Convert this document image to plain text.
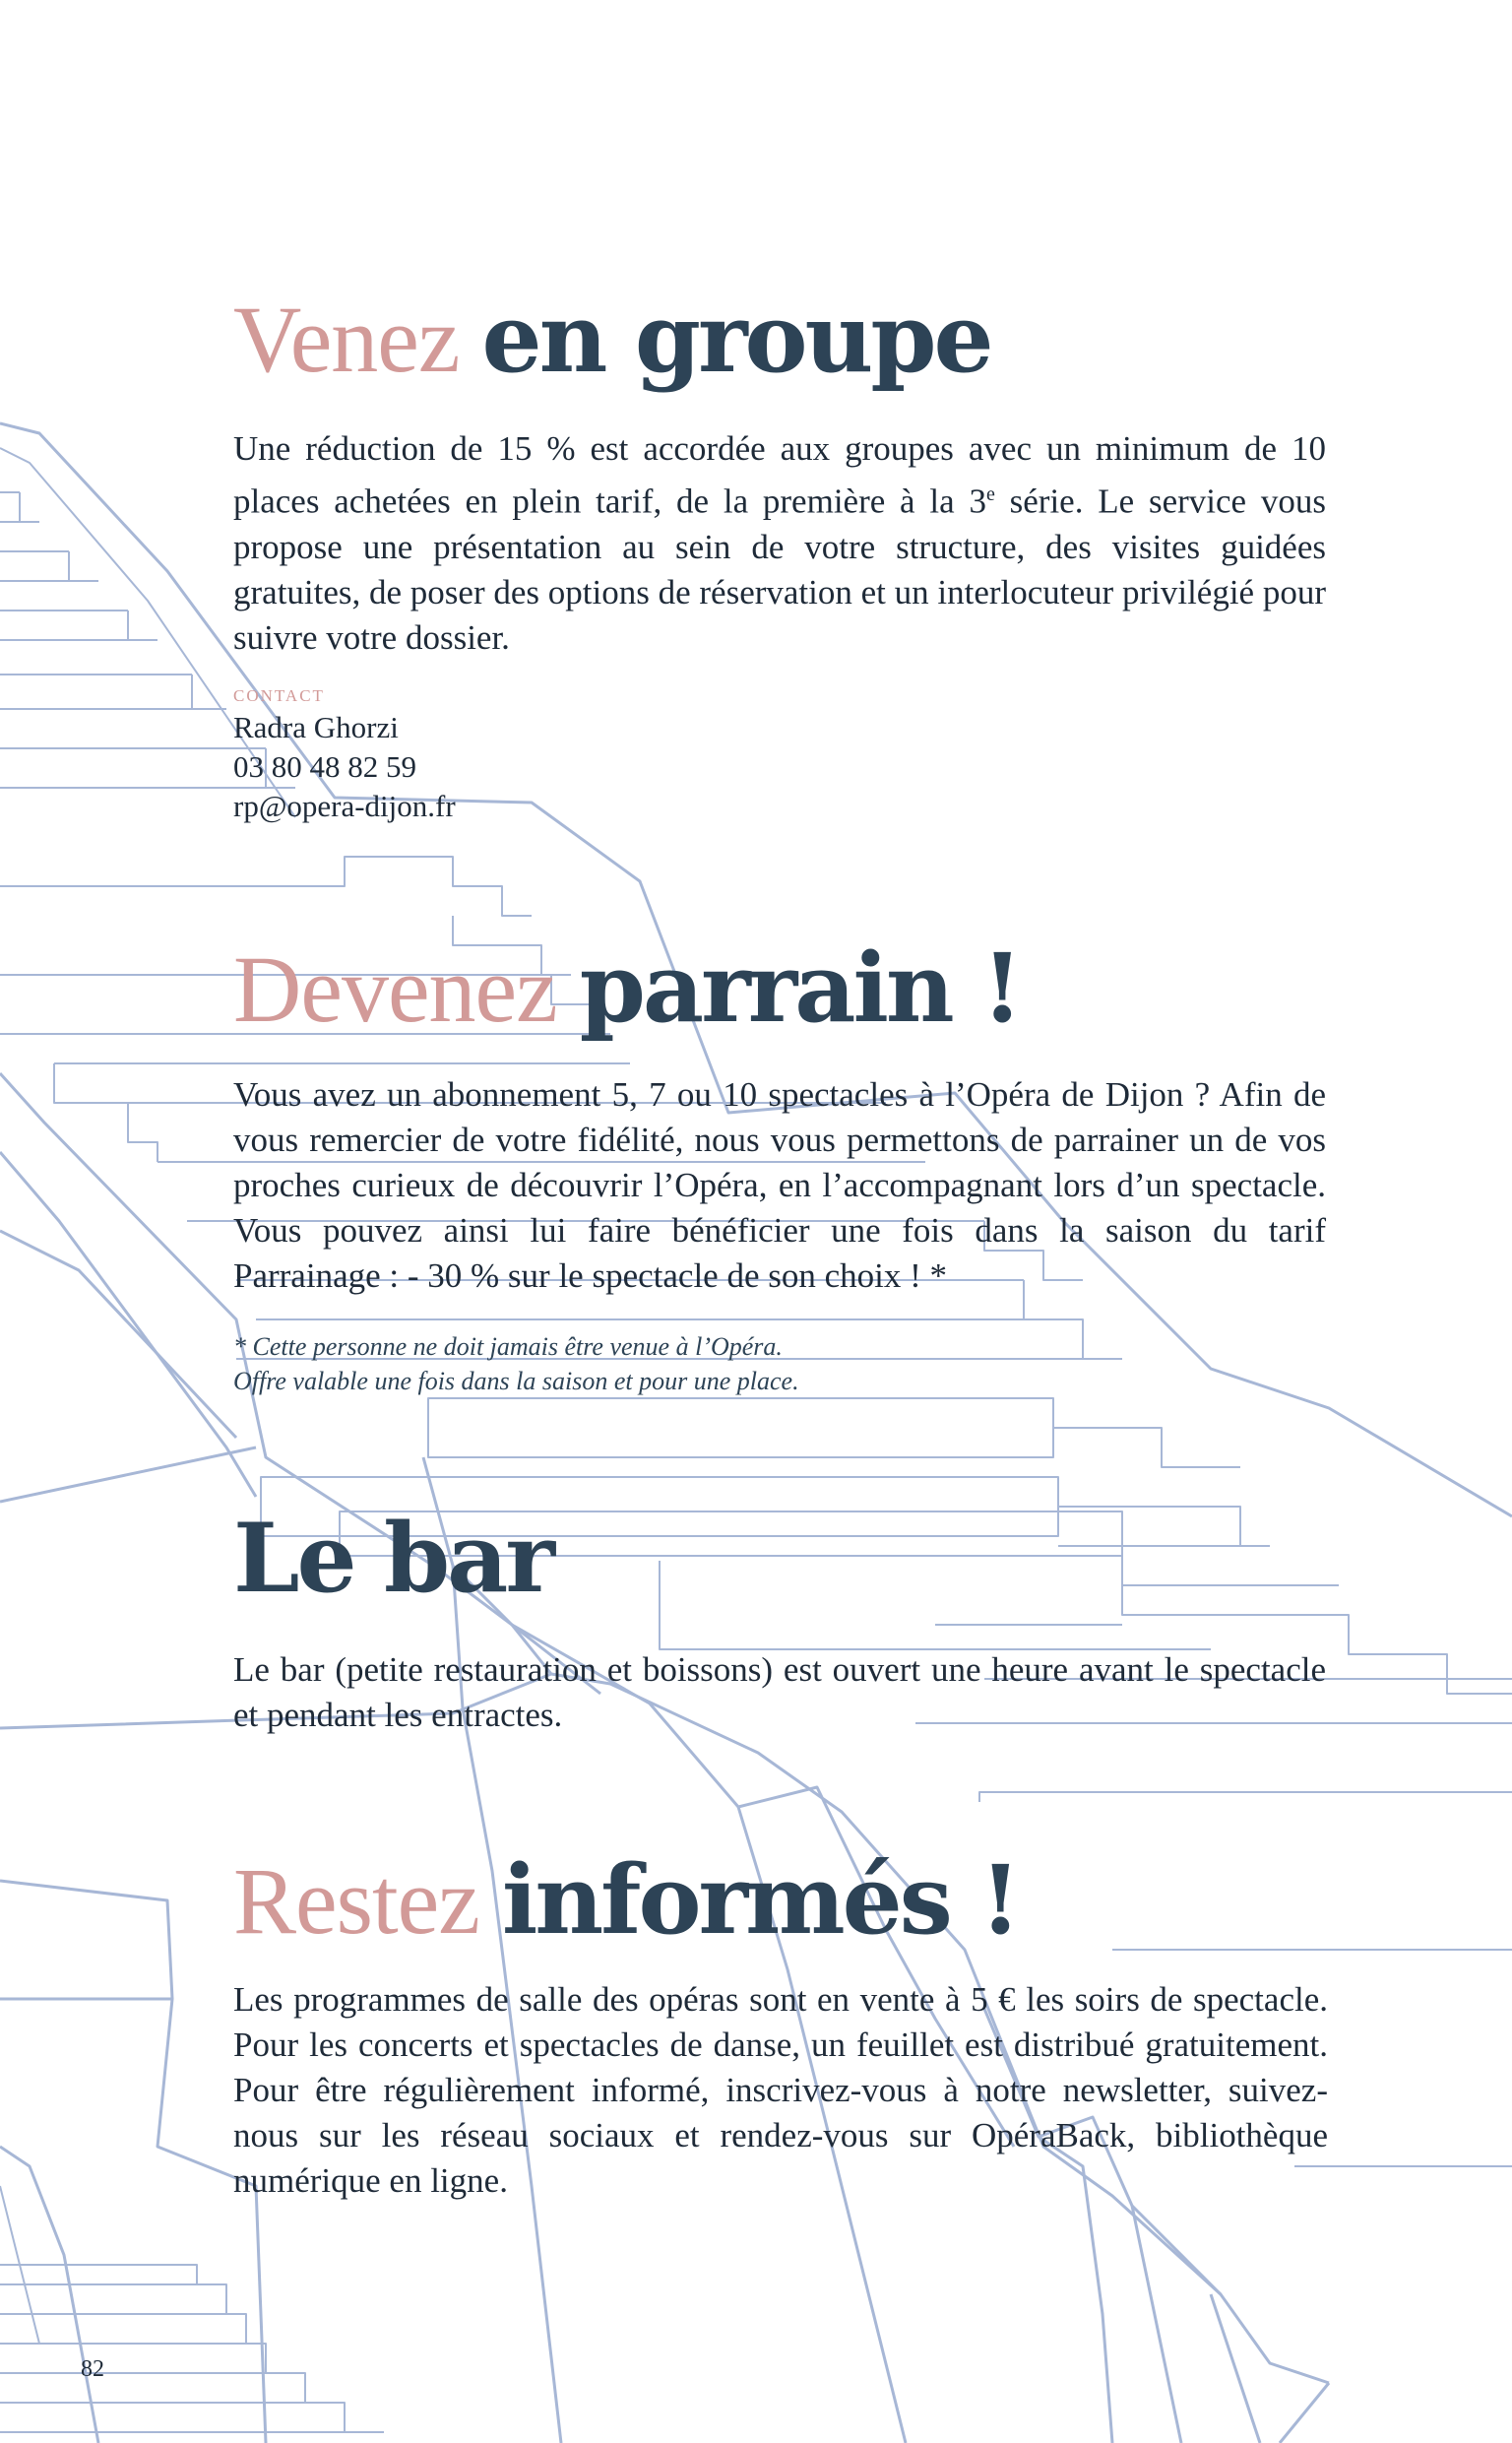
Venez en groupe

Une réduction de 15 % est accordée aux groupes avec un minimum de 10 places achetées en plein tarif, de la première à la 3e série. Le service vous propose une présentation au sein de votre structure, des visites guidées gratuites, de poser des options de réservation et un interlocuteur privilégié pour suivre votre dossier.

contact
Radra Ghorzi
03 80 48 82 59
rp@opera-dijon.fr
Devenez parrain !

Vous avez un abonnement 5, 7 ou 10 spectacles à l’Opéra de Dijon ? Afin de vous remercier de votre fidélité, nous vous permettons de parrainer un de vos proches curieux de découvrir l’Opéra, en l’accompagnant lors d’un spectacle. Vous pouvez ainsi lui faire bénéficier une fois dans la saison du tarif Parrainage : - 30 % sur le spectacle de son choix ! *

* Cette personne ne doit jamais être venue à l’Opéra.
Offre valable une fois dans la saison et pour une place.
Le bar

Le bar (petite restauration et boissons) est ouvert une heure avant le spectacle et pendant les entractes.

Restez informés !

Les programmes de salle des opéras sont en vente à 5 € les soirs de spectacle. Pour les concerts et spectacles de danse, un feuillet est distribué gratuitement. Pour être régulièrement informé, inscrivez-vous à notre newsletter, suivez-nous sur les réseau sociaux et rendez-vous sur OpéraBack, bibliothèque numérique en ligne.

82
